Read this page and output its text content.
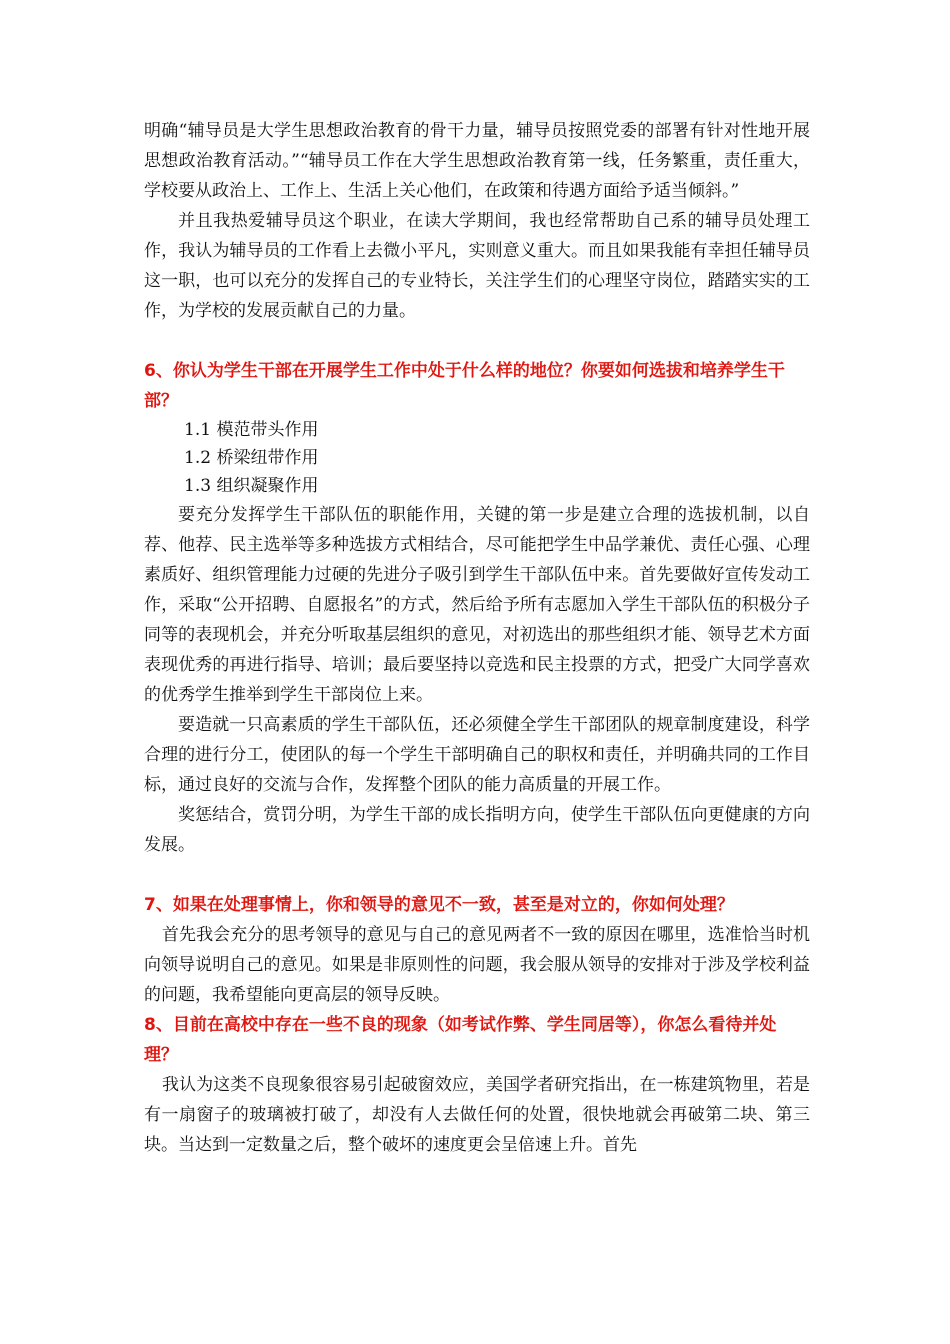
明确“辅导员是大学生思想政治教育的骨干力量，辅导员按照党委的部署有针对性地开展思想政治教育活动。”“辅导员工作在大学生思想政治教育第一线，任务繁重，责任重大，学校要从政治上、工作上、生活上关心他们，在政策和待遇方面给予适当倾斜。”

并且我热爱辅导员这个职业，在读大学期间，我也经常帮助自己系的辅导员处理工作，我认为辅导员的工作看上去微小平凡，实则意义重大。而且如果我能有幸担任辅导员这一职，也可以充分的发挥自己的专业特长，关注学生们的心理坚守岗位，踏踏实实的工作，为学校的发展贡献自己的力量。

6、你认为学生干部在开展学生工作中处于什么样的地位？你要如何选拔和培养学生干部？

1.1 模范带头作用

1.2 桥梁纽带作用

1.3 组织凝聚作用

要充分发挥学生干部队伍的职能作用，关键的第一步是建立合理的选拔机制，以自荐、他荐、民主选举等多种选拔方式相结合，尽可能把学生中品学兼优、责任心强、心理素质好、组织管理能力过硬的先进分子吸引到学生干部队伍中来。首先要做好宣传发动工作，采取“公开招聘、自愿报名”的方式，然后给予所有志愿加入学生干部队伍的积极分子同等的表现机会，并充分听取基层组织的意见，对初选出的那些组织才能、领导艺术方面表现优秀的再进行指导、培训；最后要坚持以竞选和民主投票的方式，把受广大同学喜欢的优秀学生推举到学生干部岗位上来。

要造就一只高素质的学生干部队伍，还必须健全学生干部团队的规章制度建设，科学合理的进行分工，使团队的每一个学生干部明确自己的职权和责任，并明确共同的工作目标，通过良好的交流与合作，发挥整个团队的能力高质量的开展工作。

奖惩结合，赏罚分明，为学生干部的成长指明方向，使学生干部队伍向更健康的方向发展。

7、如果在处理事情上，你和领导的意见不一致，甚至是对立的，你如何处理？

首先我会充分的思考领导的意见与自己的意见两者不一致的原因在哪里，选准恰当时机向领导说明自己的意见。如果是非原则性的问题，我会服从领导的安排对于涉及学校利益的问题，我希望能向更高层的领导反映。

8、目前在高校中存在一些不良的现象（如考试作弊、学生同居等），你怎么看待并处理？

我认为这类不良现象很容易引起破窗效应，美国学者研究指出，在一栋建筑物里，若是有一扇窗子的玻璃被打破了，却没有人去做任何的处置，很快地就会再破第二块、第三块。当达到一定数量之后，整个破坏的速度更会呈倍速上升。首先
